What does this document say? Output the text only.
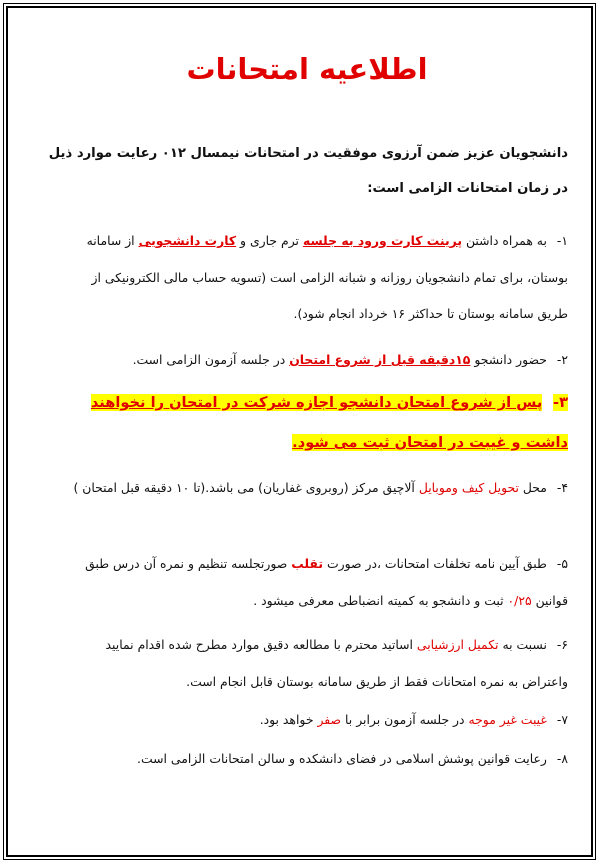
اطلاعیه امتحانات
دانشجویان عزیز ضمن آرزوی موفقیت در امتحانات نیمسال ۰۱۲ رعایت موارد ذیل در زمان امتحانات الزامی است:
۱- به همراه داشتن پرینت کارت ورود به جلسه ترم جاری و کارت دانشجویی از سامانه بوستان، برای تمام دانشجویان روزانه و شبانه الزامی است (تسویه حساب مالی الکترونیکی از طریق سامانه بوستان تا حداکثر ۱۶ خرداد انجام شود).
۲- حضور دانشجو ۱۵دقیقه قبل از شروع امتحان در جلسه آزمون الزامی است.
۳- پس از شروع امتحان دانشجو اجازه شرکت در امتحان را نخواهند داشت و غیبت در امتحان ثبت می شود.
۴- محل تحویل کیف وموبایل آلاچیق مرکز (روبروی غفاریان) می باشد.(تا ۱۰ دقیقه قبل امتحان )
۵- طبق آیین نامه تخلفات امتحانات ،در صورت تقلب صورتجلسه تنظیم و نمره آن درس طبق قوانین ۰/۲۵ ثبت و دانشجو به کمیته انضباطی معرفی میشود .
۶- نسبت به تکمیل ارزشیابی اساتید محترم با مطالعه دقیق موارد مطرح شده اقدام نمایید واعتراض به نمره امتحانات فقط از طریق سامانه بوستان قابل انجام است.
۷- غیبت غیر موجه در جلسه آزمون برابر با صفر خواهد بود.
۸- رعایت قوانین پوشش اسلامی در فضای دانشکده و سالن امتحانات الزامی است.
